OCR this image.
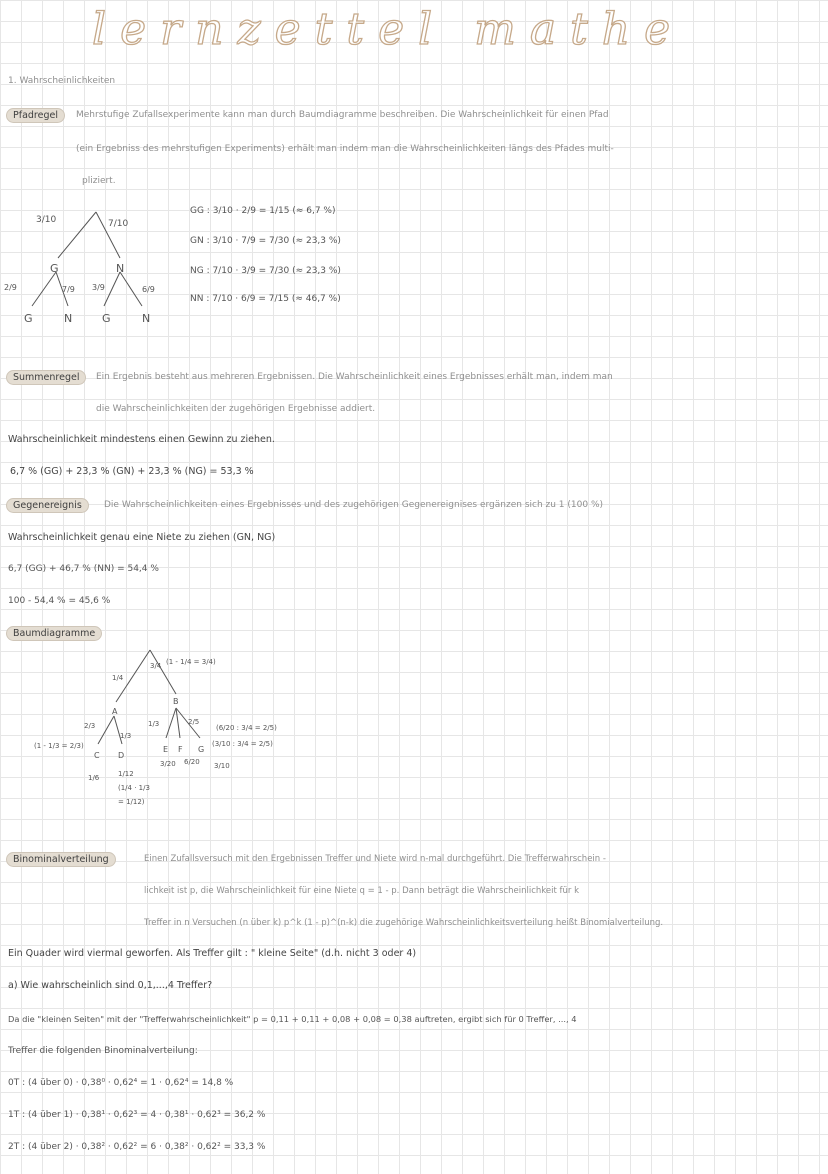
lernzettel mathe
1. Wahrscheinlichkeiten
Pfadregel	Mehrstufige Zufallsexperimente kann man durch Baumdiagramme beschreiben. Die Wahrscheinlichkeit für einen Pfad
(ein Ergebniss des mehrstufigen Experiments) erhält man indem man die Wahrscheinlichkeiten längs des Pfades multi-
pliziert.
3/10	7/10
G	N
2/9	7/9 3/9	6/9
G	N	G	N
GG : 3/10 · 2/9 = 1/15 (≈ 6,7 %)
GN : 3/10 · 7/9 = 7/30 (≈ 23,3 %)
NG : 7/10 · 3/9 = 7/30 (≈ 23,3 %)
NN : 7/10 · 6/9 = 7/15 (≈ 46,7 %)
Summenregel	Ein Ergebnis besteht aus mehreren Ergebnissen. Die Wahrscheinlichkeit eines Ergebnisses erhält man, indem man
die Wahrscheinlichkeiten der zugehörigen Ergebnisse addiert.
Wahrscheinlichkeit mindestens einen Gewinn zu ziehen.
6,7 % (GG) + 23,3 % (GN) + 23,3 % (NG) = 53,3 %
Gegenereignis	Die Wahrscheinlichkeiten eines Ergebnisses und des zugehörigen Gegenereignises ergänzen sich zu 1 (100 %)
Wahrscheinlichkeit genau eine Niete zu ziehen (GN, NG)
6,7 (GG) + 46,7 % (NN) = 54,4 %
100 - 54,4 % = 45,6 %
Baumdiagramme
1/4
3/4 (1 - 1/4 = 3/4)
A
B
2/3
1/3
(1 - 1/3 = 2/3)
C D
1/3	2/5
(6/20 : 3/4 = 2/5)
(3/10 : 3/4 = 2/5)
E F G
3/20 6/20 3/10
1/6	1/12
(1/4 · 1/3
= 1/12)
Binominalverteilung	Einen Zufallsversuch mit den Ergebnissen Treffer und Niete wird n-mal durchgeführt. Die Trefferwahrschein -
lichkeit ist p, die Wahrscheinlichkeit für eine Niete q = 1 - p. Dann beträgt die Wahrscheinlichkeit für k
Treffer in n Versuchen (n über k) p^k (1 - p)^(n-k) die zugehörige Wahrscheinlichkeitsverteilung heißt Binomialverteilung.
Ein Quader wird viermal geworfen. Als Treffer gilt : " kleine Seite" (d.h. nicht 3 oder 4)
a) Wie wahrscheinlich sind 0,1,...,4 Treffer?
Da die "kleinen Seiten" mit der "Trefferwahrscheinlichkeit" p = 0,11 + 0,11 + 0,08 + 0,08 = 0,38 auftreten, ergibt sich für 0 Treffer, ..., 4
Treffer die folgenden Binominalverteilung:
0T : (4 über 0) · 0,38⁰ · 0,62⁴ = 1 · 0,62⁴ = 14,8 %
1T : (4 über 1) · 0,38¹ · 0,62³ = 4 · 0,38¹ · 0,62³ = 36,2 %
2T : (4 über 2) · 0,38² · 0,62² = 6 · 0,38² · 0,62² = 33,3 %
